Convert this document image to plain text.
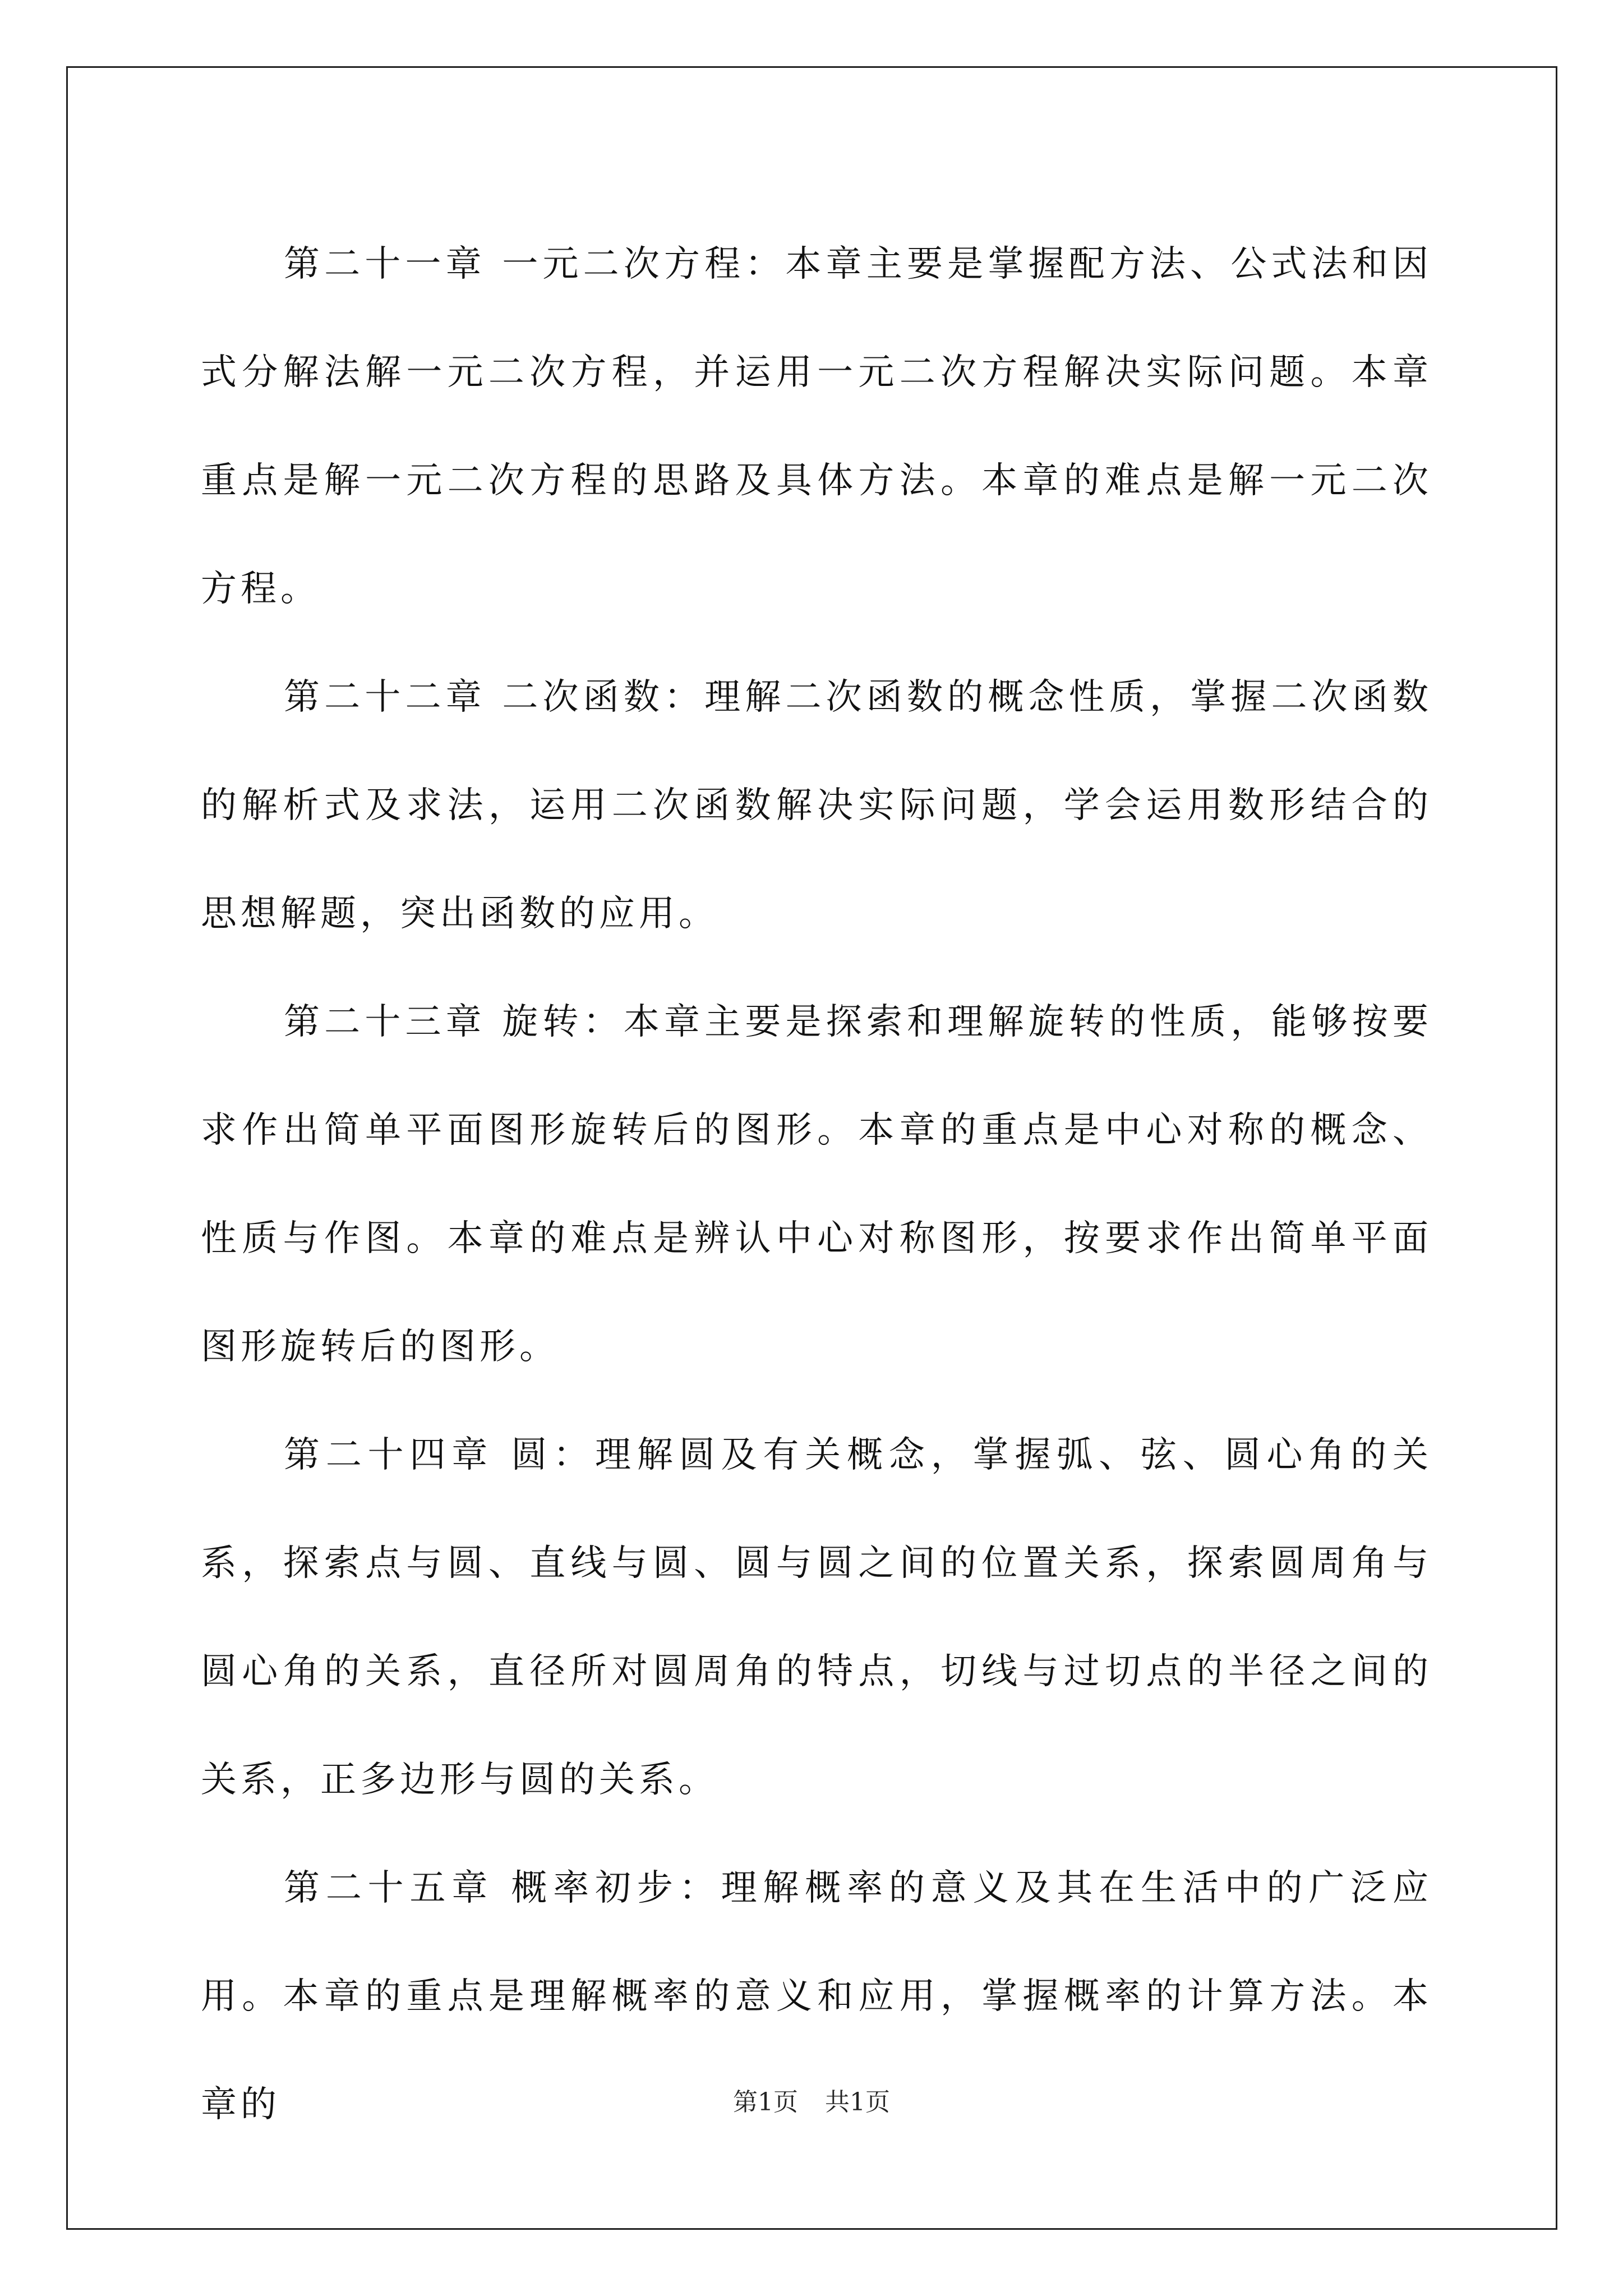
第二十一章 一元二次方程：本章主要是掌握配方法、公式法和因式分解法解一元二次方程，并运用一元二次方程解决实际问题。本章重点是解一元二次方程的思路及具体方法。本章的难点是解一元二次方程。

第二十二章 二次函数：理解二次函数的概念性质，掌握二次函数的解析式及求法，运用二次函数解决实际问题，学会运用数形结合的思想解题，突出函数的应用。

第二十三章 旋转：本章主要是探索和理解旋转的性质，能够按要求作出简单平面图形旋转后的图形。本章的重点是中心对称的概念、性质与作图。本章的难点是辨认中心对称图形，按要求作出简单平面图形旋转后的图形。

第二十四章 圆：理解圆及有关概念，掌握弧、弦、圆心角的关系，探索点与圆、直线与圆、圆与圆之间的位置关系，探索圆周角与圆心角的关系，直径所对圆周角的特点，切线与过切点的半径之间的关系，正多边形与圆的关系。

第二十五章 概率初步：理解概率的意义及其在生活中的广泛应用。本章的重点是理解概率的意义和应用，掌握概率的计算方法。本章的	第1页 共1页
